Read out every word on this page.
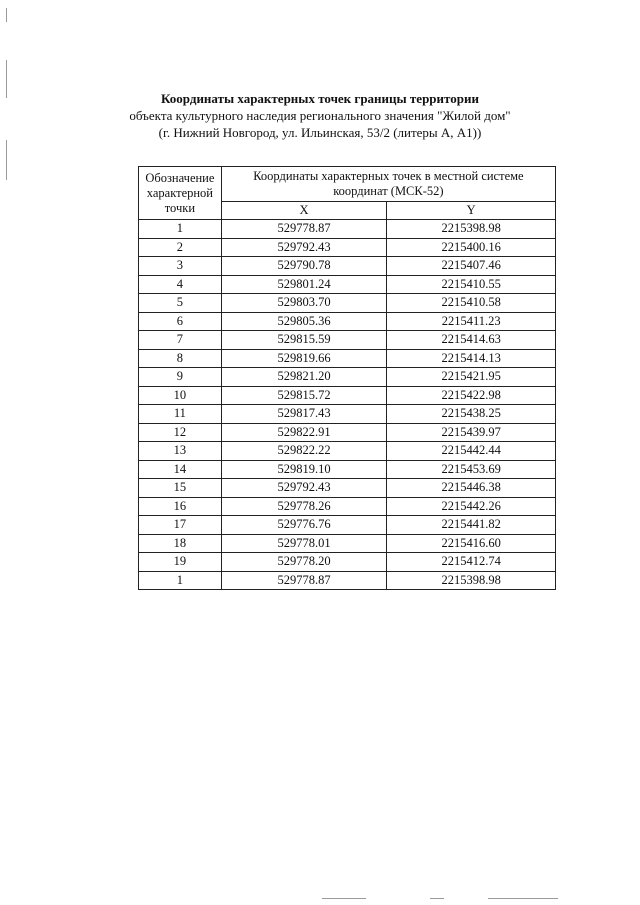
Координаты характерных точек границы территории
объекта культурного наследия регионального значения "Жилой дом"
(г. Нижний Новгород, ул. Ильинская, 53/2 (литеры А, А1))
Обозначение характерной точки	Координаты характерных точек в местной системе координат (МСК-52)	
	X	Y
1	529778.87	2215398.98
2	529792.43	2215400.16
3	529790.78	2215407.46
4	529801.24	2215410.55
5	529803.70	2215410.58
6	529805.36	2215411.23
7	529815.59	2215414.63
8	529819.66	2215414.13
9	529821.20	2215421.95
10	529815.72	2215422.98
11	529817.43	2215438.25
12	529822.91	2215439.97
13	529822.22	2215442.44
14	529819.10	2215453.69
15	529792.43	2215446.38
16	529778.26	2215442.26
17	529776.76	2215441.82
18	529778.01	2215416.60
19	529778.20	2215412.74
1	529778.87	2215398.98
